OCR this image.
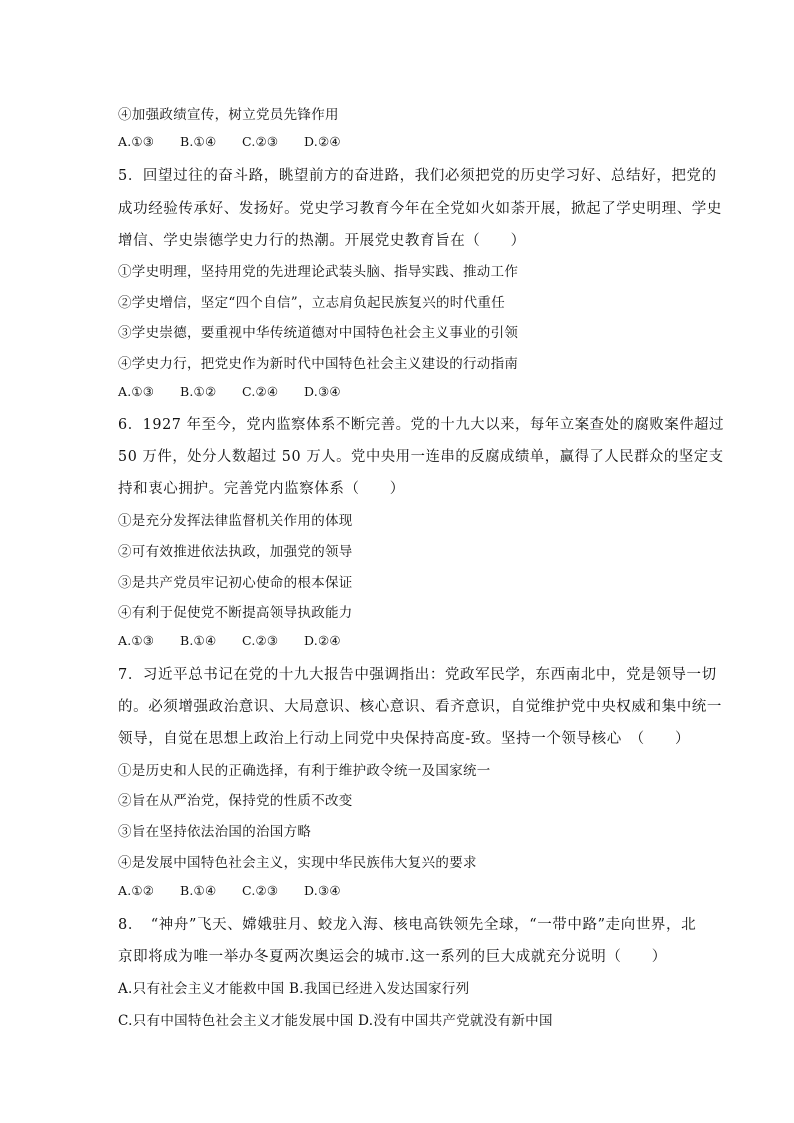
④加强政绩宣传，树立党员先锋作用
A.①③ B.①④ C.②③ D.②④
5．回望过往的奋斗路，眺望前方的奋进路，我们必须把党的历史学习好、总结好，把党的
成功经验传承好、发扬好。党史学习教育今年在全党如火如荼开展，掀起了学史明理、学史
增信、学史崇德学史力行的热潮。开展党史教育旨在（　　）
①学史明理，坚持用党的先进理论武装头脑、指导实践、推动工作
②学史增信，坚定“四个自信”，立志肩负起民族复兴的时代重任
③学史崇德，要重视中华传统道德对中国特色社会主义事业的引领
④学史力行，把党史作为新时代中国特色社会主义建设的行动指南
A.①③ B.①② C.②④ D.③④
6．1927 年至今，党内监察体系不断完善。党的十九大以来，每年立案查处的腐败案件超过
50 万件，处分人数超过 50 万人。党中央用一连串的反腐成绩单，赢得了人民群众的坚定支
持和衷心拥护。完善党内监察体系（　　）
①是充分发挥法律监督机关作用的体现
②可有效推进依法执政，加强党的领导
③是共产党员牢记初心使命的根本保证
④有利于促使党不断提高领导执政能力
A.①③ B.①④ C.②③ D.②④
7．习近平总书记在党的十九大报告中强调指出：党政军民学，东西南北中，党是领导一切
的。必须增强政治意识、大局意识、核心意识、看齐意识，自觉维护党中央权威和集中统一
领导，自觉在思想上政治上行动上同党中央保持高度-致。坚持一个领导核心　（　　）
①是历史和人民的正确选择，有利于维护政令统一及国家统一
②旨在从严治党，保持党的性质不改变
③旨在坚持依法治国的治国方略
④是发展中国特色社会主义，实现中华民族伟大复兴的要求
A.①② B.①④ C.②③ D.③④
8．　“神舟”飞天、嫦娥驻月、蛟龙入海、核电高铁领先全球，“一带中路”走向世界，北
京即将成为唯一举办冬夏两次奥运会的城市.这一系列的巨大成就充分说明（　　）
A.只有社会主义才能救中国 B.我国已经进入发达国家行列
C.只有中国特色社会主义才能发展中国 D.没有中国共产党就没有新中国
